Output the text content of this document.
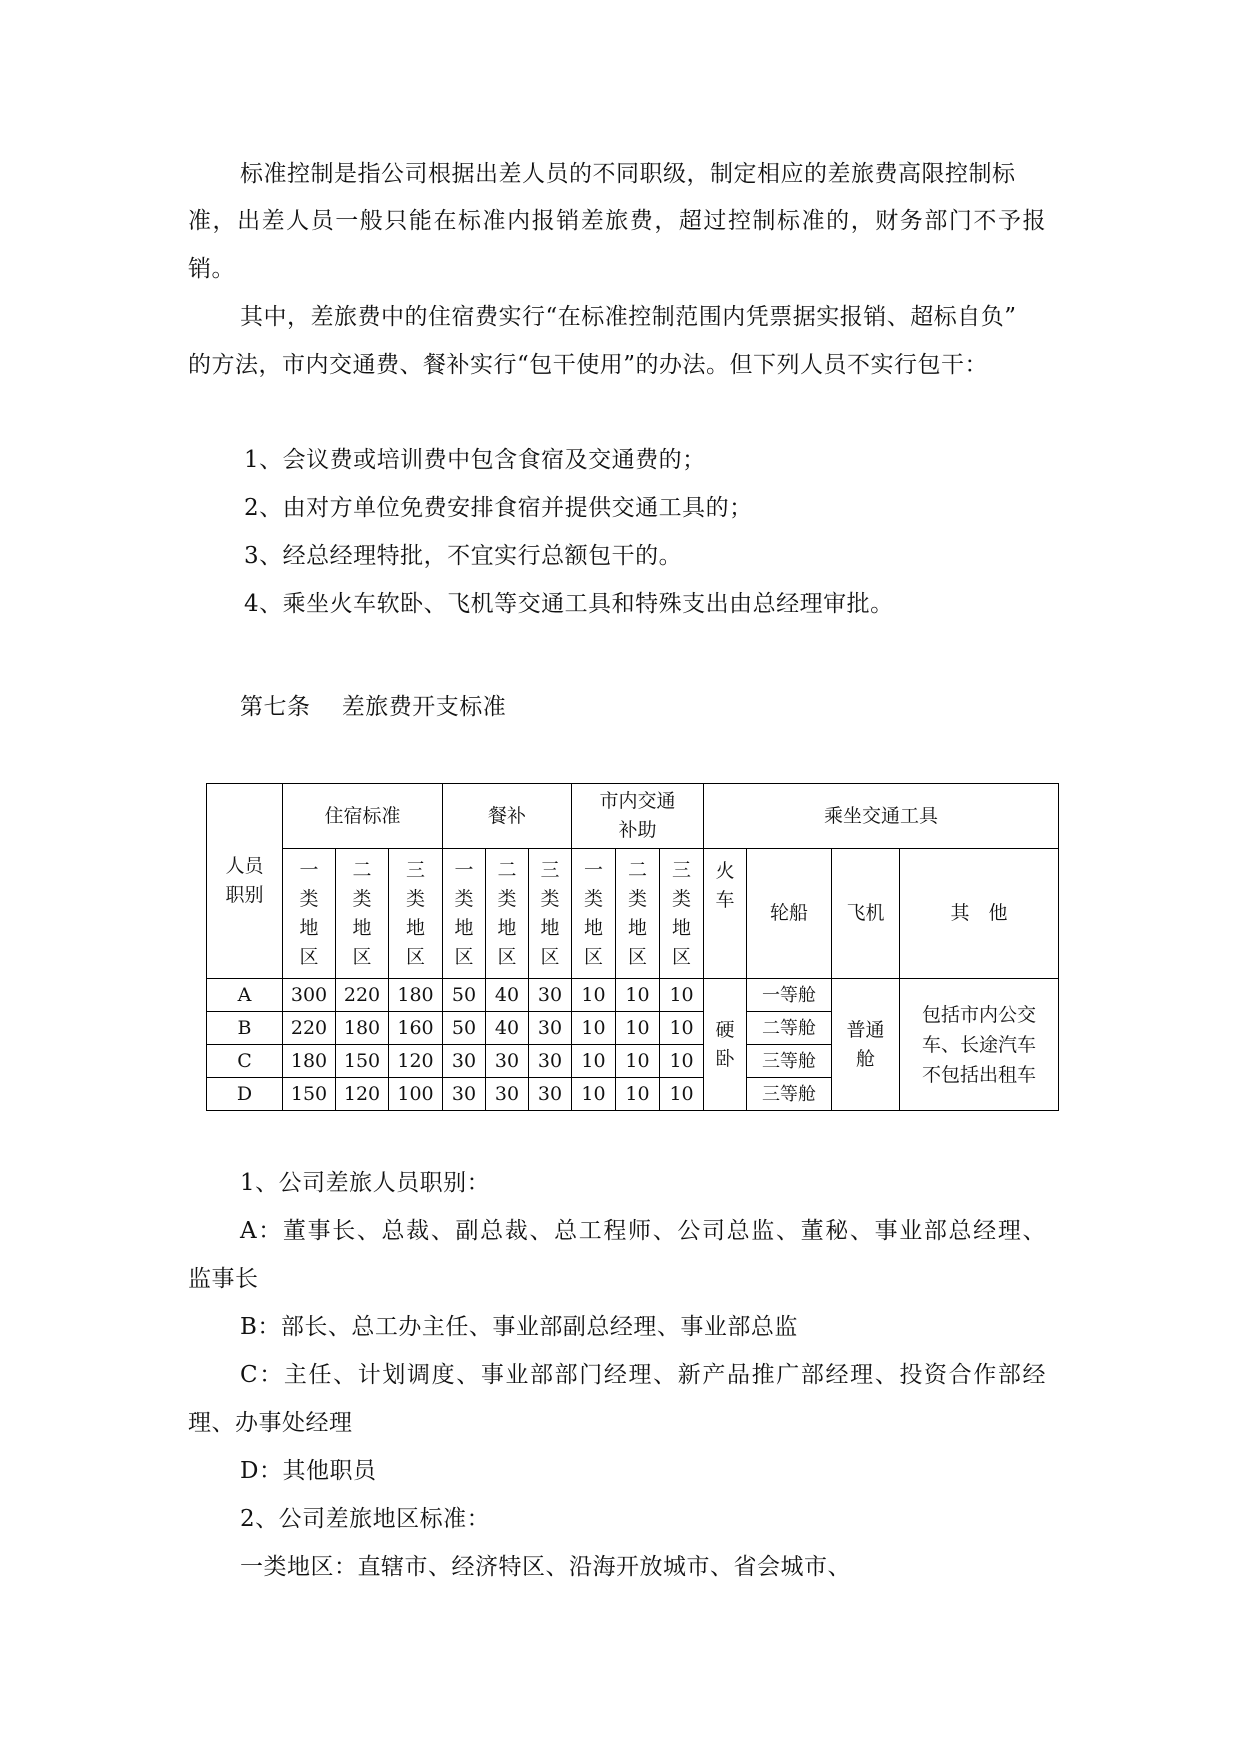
标准控制是指公司根据出差人员的不同职级，制定相应的差旅费高限控制标
准，出差人员一般只能在标准内报销差旅费，超过控制标准的，财务部门不予报
销。
其中，差旅费中的住宿费实行“在标准控制范围内凭票据实报销、超标自负”
的方法，市内交通费、餐补实行“包干使用”的办法。但下列人员不实行包干：
1、会议费或培训费中包含食宿及交通费的；
2、由对方单位免费安排食宿并提供交通工具的；
3、经总经理特批，不宜实行总额包干的。
4、乘坐火车软卧、飞机等交通工具和特殊支出由总经理审批。
第七条    差旅费开支标准
人员职别	住宿标准			餐补			市内交通补助			乘坐交通工具			
	一类地区	二类地区	三类地区	一类地区	二类地区	三类地区	一类地区	二类地区	三类地区	火车	轮船	飞机	其　他
A	300	220	180	50	40	30	10	10	10	硬卧	一等舱	普通舱	包括市内公交车、长途汽车不包括出租车
B	220	180	160	50	40	30	10	10	10		二等舱		
C	180	150	120	30	30	30	10	10	10		三等舱		
D	150	120	100	30	30	30	10	10	10		三等舱		
1、公司差旅人员职别：
A：董事长、总裁、副总裁、总工程师、公司总监、董秘、事业部总经理、
监事长
B：部长、总工办主任、事业部副总经理、事业部总监
C：主任、计划调度、事业部部门经理、新产品推广部经理、投资合作部经
理、办事处经理
D：其他职员
2、公司差旅地区标准：
一类地区：直辖市、经济特区、沿海开放城市、省会城市、
